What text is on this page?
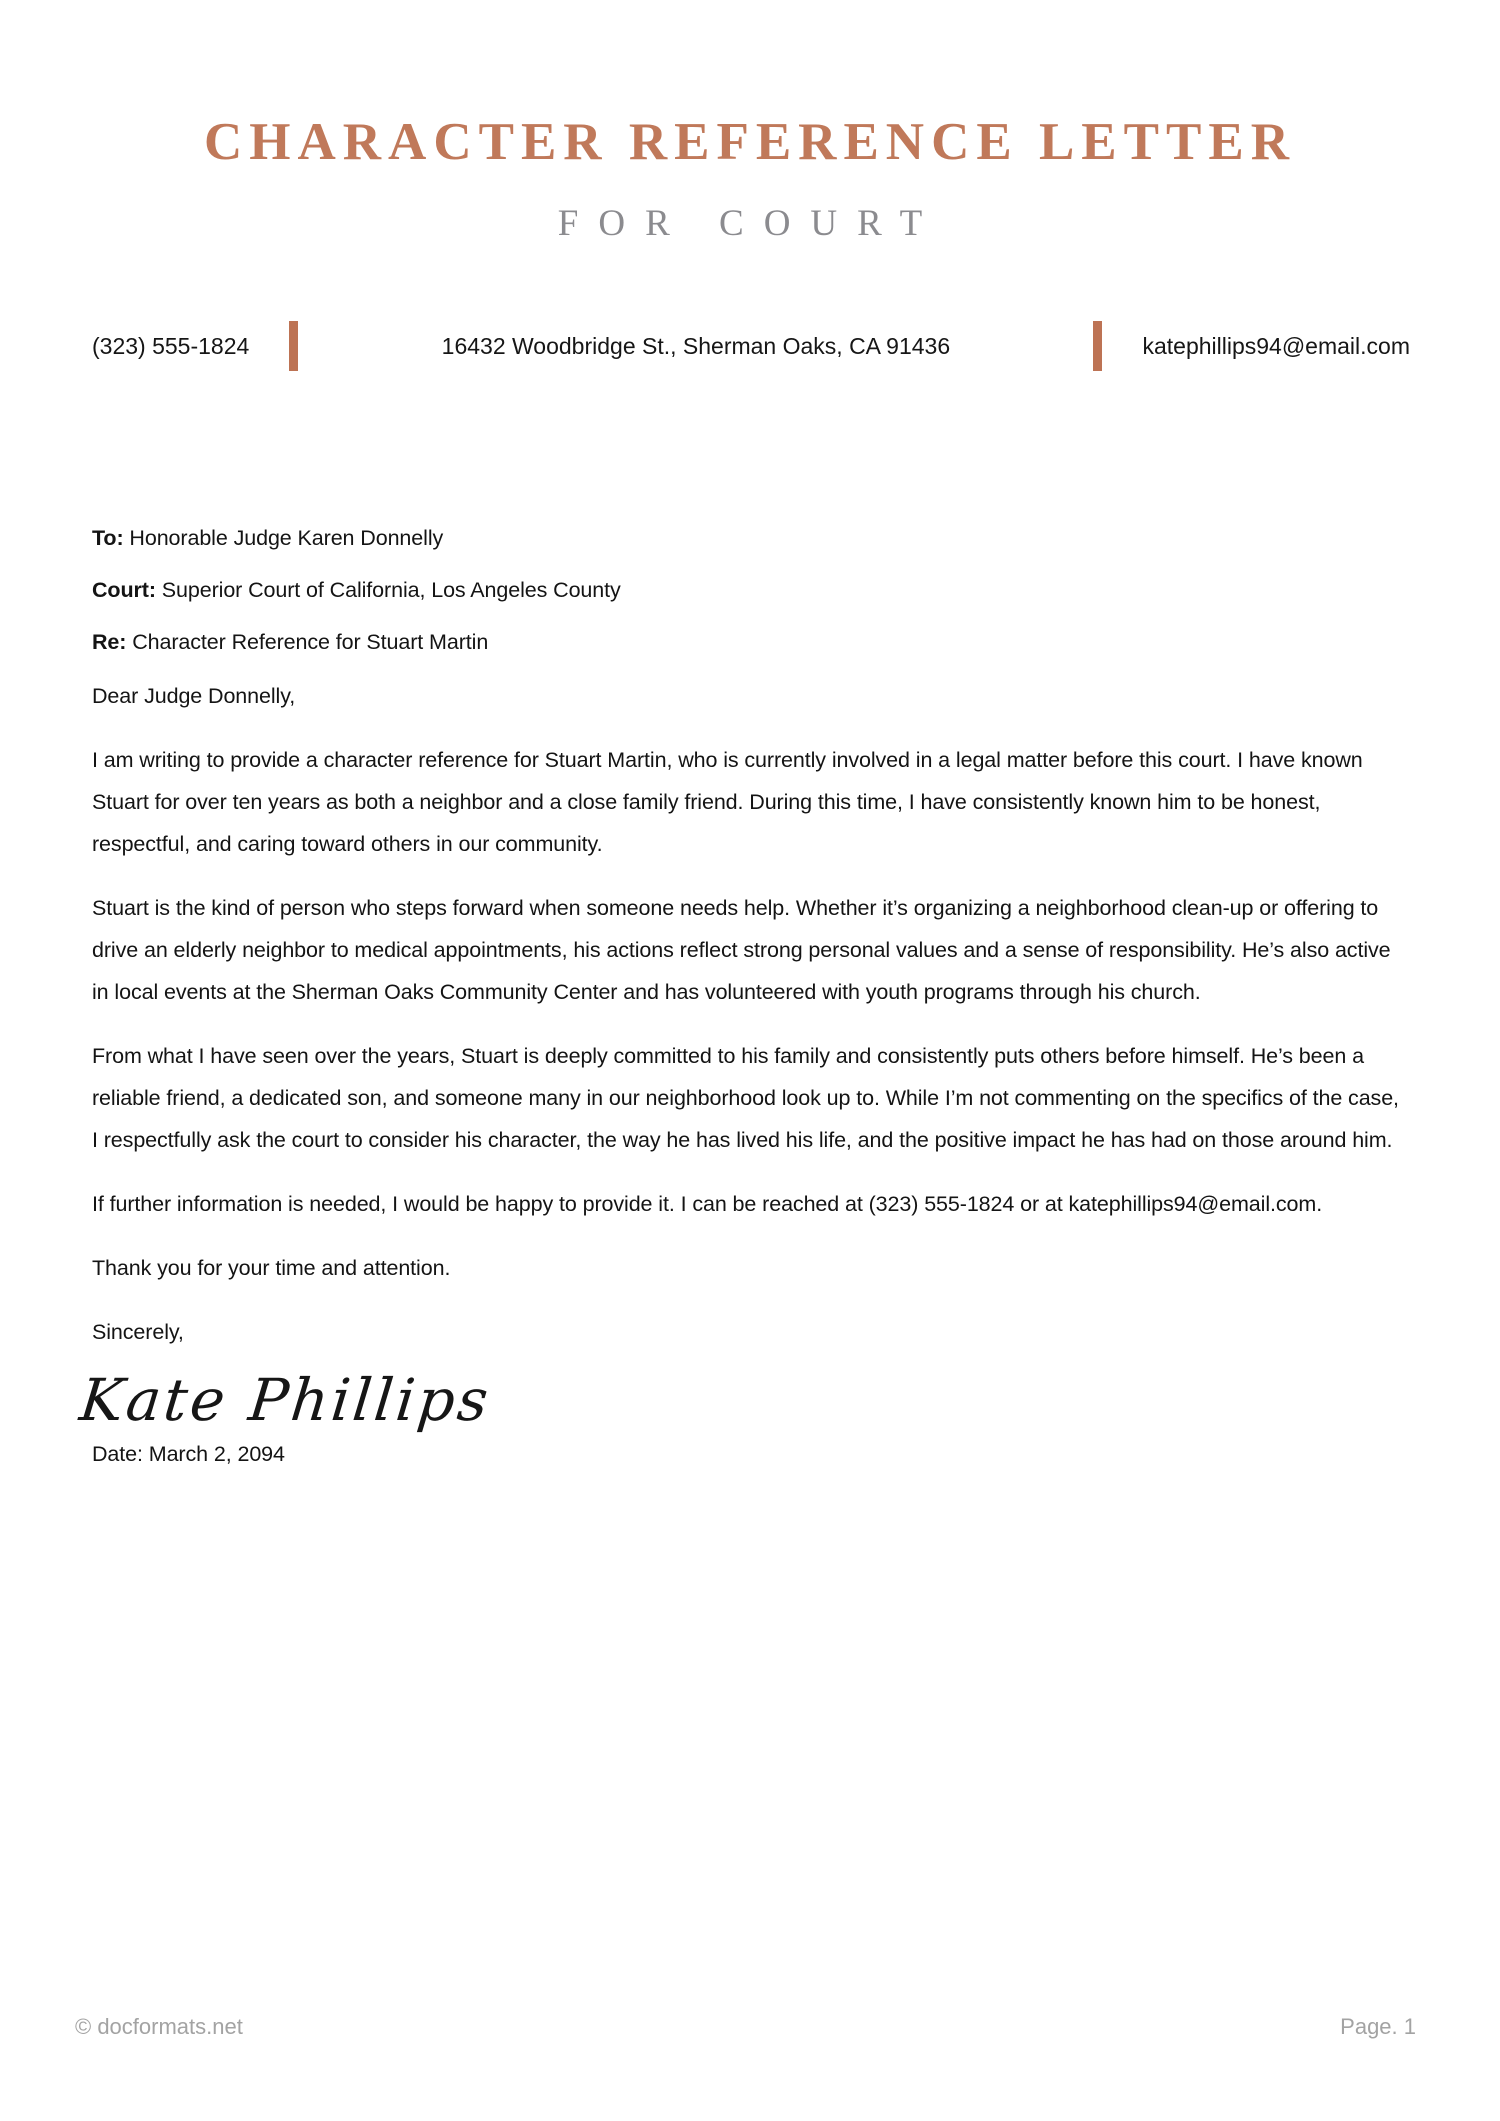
CHARACTER REFERENCE LETTER
FOR COURT
(323) 555-1824	16432 Woodbridge St., Sherman Oaks, CA 91436	katephillips94@email.com
To: Honorable Judge Karen Donnelly
Court: Superior Court of California, Los Angeles County
Re: Character Reference for Stuart Martin

Dear Judge Donnelly,

I am writing to provide a character reference for Stuart Martin, who is currently involved in a legal matter before this court. I have known Stuart for over ten years as both a neighbor and a close family friend. During this time, I have consistently known him to be honest, respectful, and caring toward others in our community.

Stuart is the kind of person who steps forward when someone needs help. Whether it’s organizing a neighborhood clean-up or offering to drive an elderly neighbor to medical appointments, his actions reflect strong personal values and a sense of responsibility. He’s also active in local events at the Sherman Oaks Community Center and has volunteered with youth programs through his church.

From what I have seen over the years, Stuart is deeply committed to his family and consistently puts others before himself. He’s been a reliable friend, a dedicated son, and someone many in our neighborhood look up to. While I’m not commenting on the specifics of the case, I respectfully ask the court to consider his character, the way he has lived his life, and the positive impact he has had on those around him.

If further information is needed, I would be happy to provide it. I can be reached at (323) 555-1824 or at katephillips94@email.com.

Thank you for your time and attention.

Sincerely,

Kate Phillips
Date: March 2, 2094
© docformats.net	Page. 1
